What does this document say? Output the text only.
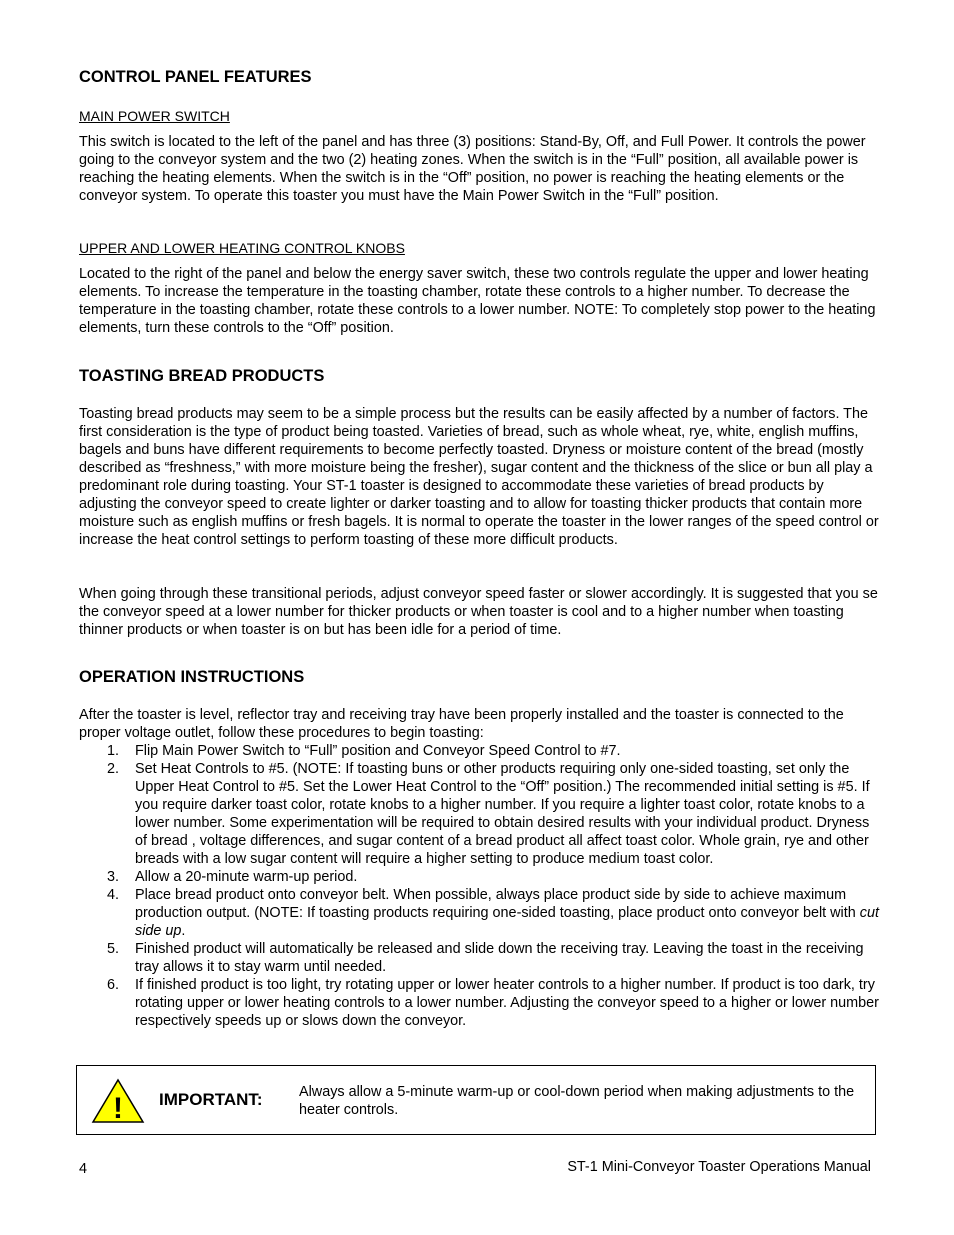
CONTROL PANEL FEATURES
MAIN POWER SWITCH
This switch is located to the left of the panel and has three (3) positions: Stand-By, Off, and Full Power. It controls the power going to the conveyor system and the two (2) heating zones. When the switch is in the “Full” position, all available power is reaching the heating elements. When the switch is in the “Off” position, no power is reaching the heating elements or the conveyor system. To operate this toaster you must have the Main Power Switch in the “Full” position.
UPPER AND LOWER HEATING CONTROL KNOBS
Located to the right of the panel and below the energy saver switch, these two controls regulate the upper and lower heating elements. To increase the temperature in the toasting chamber, rotate these controls to a higher number. To decrease the temperature in the toasting chamber, rotate these controls to a lower number. NOTE: To completely stop power to the heating elements, turn these controls to the “Off” position.
TOASTING BREAD PRODUCTS
Toasting bread products may seem to be a simple process but the results can be easily affected by a number of factors. The first consideration is the type of product being toasted. Varieties of bread, such as whole wheat, rye, white, english muffins, bagels and buns have different requirements to become perfectly toasted. Dryness or moisture content of the bread (mostly described as “freshness,” with more moisture being the fresher), sugar content and the thickness of the slice or bun all play a predominant role during toasting. Your ST-1 toaster is designed to accommodate these varieties of bread products by adjusting the conveyor speed to create lighter or darker toasting and to allow for toasting thicker products that contain more moisture such as english muffins or fresh bagels. It is normal to operate the toaster in the lower ranges of the speed control or increase the heat control settings to perform toasting of these more difficult products.
When going through these transitional periods, adjust conveyor speed faster or slower accordingly. It is suggested that you se the conveyor speed at a lower number for thicker products or when toaster is cool and to a higher number when toasting thinner products or when toaster is on but has been idle for a period of time.
OPERATION INSTRUCTIONS
After the toaster is level, reflector tray and receiving tray have been properly installed and the toaster is connected to the proper voltage outlet, follow these procedures to begin toasting:
Flip Main Power Switch to “Full” position and Conveyor Speed Control to #7.
Set Heat Controls to #5. (NOTE: If toasting buns or other products requiring only one-sided toasting, set only the Upper Heat Control to #5. Set the Lower Heat Control to the “Off” position.) The recommended initial setting is #5. If you require darker toast color, rotate knobs to a higher number. If you require a lighter toast color, rotate knobs to a lower number. Some experimentation will be required to obtain desired results with your individual product. Dryness of bread , voltage differences, and sugar content of a bread product all affect toast color. Whole grain, rye and other breads with a low sugar content will require a higher setting to produce medium toast color.
Allow a 20-minute warm-up period.
Place bread product onto conveyor belt. When possible, always place product side by side to achieve maximum production output. (NOTE: If toasting products requiring one-sided toasting, place product onto conveyor belt with cut side up.
Finished product will automatically be released and slide down the receiving tray. Leaving the toast in the receiving tray allows it to stay warm until needed.
If finished product is too light, try rotating upper or lower heater controls to a higher number. If product is too dark, try rotating upper or lower heating controls to a lower number. Adjusting the conveyor speed to a higher or lower number respectively speeds up or slows down the conveyor.
! IMPORTANT:	Always allow a 5-minute warm-up or cool-down period when making adjustments to the heater controls.
4	ST-1 Mini-Conveyor Toaster Operations Manual
